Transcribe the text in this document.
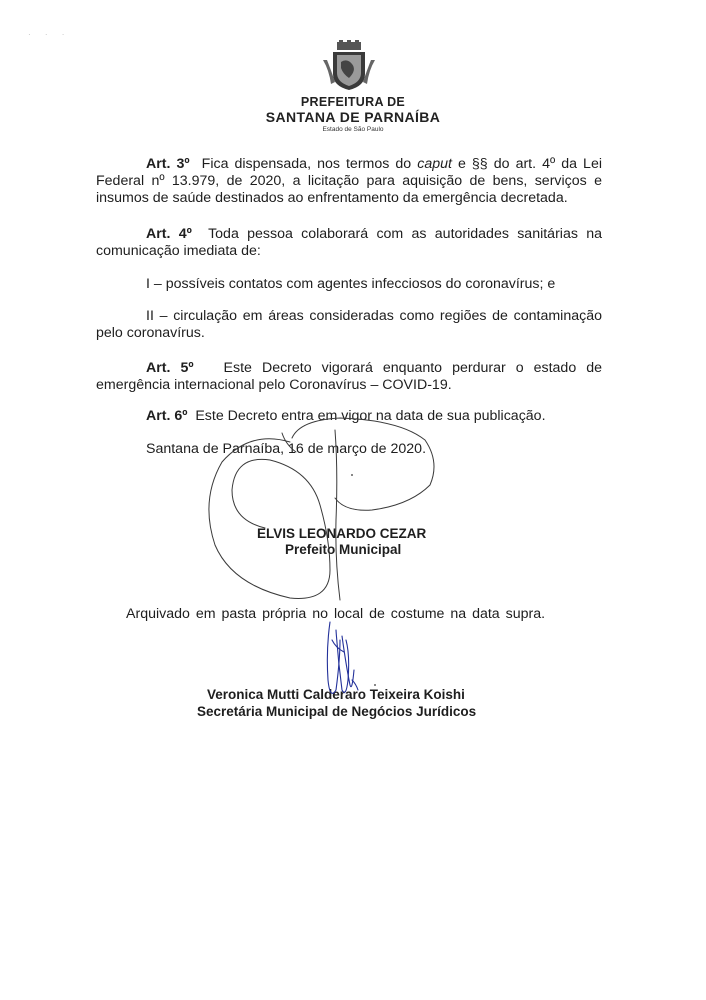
· · ·
PREFEITURA DE
SANTANA DE PARNAÍBA
Estado de São Paulo
Art. 3º Fica dispensada, nos termos do caput e §§ do art. 4º da Lei Federal nº 13.979, de 2020, a licitação para aquisição de bens, serviços e insumos de saúde destinados ao enfrentamento da emergência decretada.
Art. 4º Toda pessoa colaborará com as autoridades sanitárias na comunicação imediata de:
I – possíveis contatos com agentes infecciosos do coronavírus; e
II – circulação em áreas consideradas como regiões de contaminação pelo coronavírus.
Art. 5º Este Decreto vigorará enquanto perdurar o estado de emergência internacional pelo Coronavírus – COVID-19.
Art. 6º Este Decreto entra em vigor na data de sua publicação.
Santana de Parnaíba, 16 de março de 2020.
ELVIS LEONARDO CEZAR
Prefeito Municipal
Arquivado em pasta própria no local de costume na data supra.
Veronica Mutti Calderaro Teixeira Koishi
Secretária Municipal de Negócios Jurídicos
